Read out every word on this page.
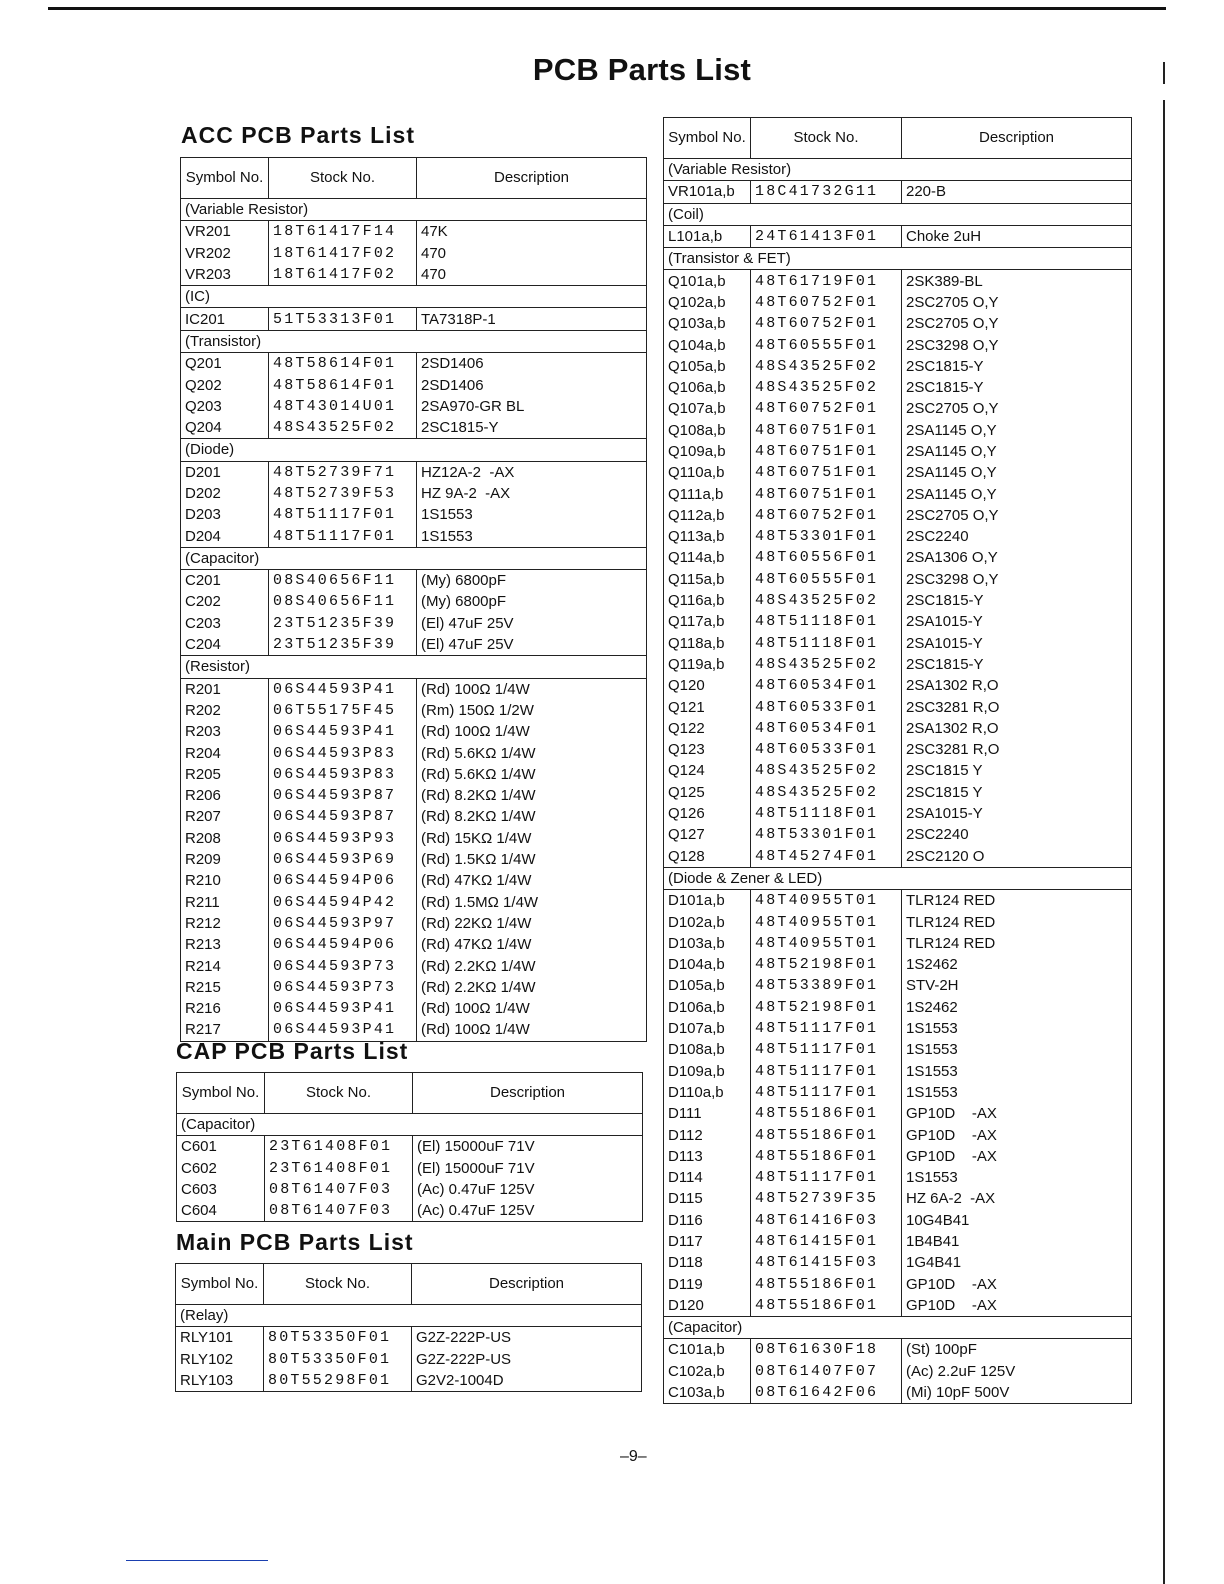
PCB Parts List
ACC PCB Parts List
Symbol No.	Stock No.	Description
(Variable Resistor)		
VR201	18T61417F14	47K
VR202	18T61417F02	470
VR203	18T61417F02	470
(IC)		
IC201	51T53313F01	TA7318P-1
(Transistor)		
Q201	48T58614F01	2SD1406
Q202	48T58614F01	2SD1406
Q203	48T43014U01	2SA970-GR BL
Q204	48S43525F02	2SC1815-Y
(Diode)		
D201	48T52739F71	HZ12A-2  -AX
D202	48T52739F53	HZ 9A-2  -AX
D203	48T51117F01	1S1553
D204	48T51117F01	1S1553
(Capacitor)		
C201	08S40656F11	(My) 6800pF
C202	08S40656F11	(My) 6800pF
C203	23T51235F39	(El) 47uF 25V
C204	23T51235F39	(El) 47uF 25V
(Resistor)		
R201	06S44593P41	(Rd) 100Ω 1/4W
R202	06T55175F45	(Rm) 150Ω 1/2W
R203	06S44593P41	(Rd) 100Ω 1/4W
R204	06S44593P83	(Rd) 5.6KΩ 1/4W
R205	06S44593P83	(Rd) 5.6KΩ 1/4W
R206	06S44593P87	(Rd) 8.2KΩ 1/4W
R207	06S44593P87	(Rd) 8.2KΩ 1/4W
R208	06S44593P93	(Rd) 15KΩ 1/4W
R209	06S44593P69	(Rd) 1.5KΩ 1/4W
R210	06S44594P06	(Rd) 47KΩ 1/4W
R211	06S44594P42	(Rd) 1.5MΩ 1/4W
R212	06S44593P97	(Rd) 22KΩ 1/4W
R213	06S44594P06	(Rd) 47KΩ 1/4W
R214	06S44593P73	(Rd) 2.2KΩ 1/4W
R215	06S44593P73	(Rd) 2.2KΩ 1/4W
R216	06S44593P41	(Rd) 100Ω 1/4W
R217	06S44593P41	(Rd) 100Ω 1/4W
CAP PCB Parts List
Symbol No.	Stock No.	Description
(Capacitor)		
C601	23T61408F01	(El) 15000uF 71V
C602	23T61408F01	(El) 15000uF 71V
C603	08T61407F03	(Ac) 0.47uF 125V
C604	08T61407F03	(Ac) 0.47uF 125V
Main PCB Parts List
Symbol No.	Stock No.	Description
(Relay)		
RLY101	80T53350F01	G2Z-222P-US
RLY102	80T53350F01	G2Z-222P-US
RLY103	80T55298F01	G2V2-1004D
Symbol No.	Stock No.	Description
(Variable Resistor)		
VR101a,b	18C41732G11	220-B
(Coil)		
L101a,b	24T61413F01	Choke 2uH
(Transistor & FET)		
Q101a,b	48T61719F01	2SK389-BL
Q102a,b	48T60752F01	2SC2705 O,Y
Q103a,b	48T60752F01	2SC2705 O,Y
Q104a,b	48T60555F01	2SC3298 O,Y
Q105a,b	48S43525F02	2SC1815-Y
Q106a,b	48S43525F02	2SC1815-Y
Q107a,b	48T60752F01	2SC2705 O,Y
Q108a,b	48T60751F01	2SA1145 O,Y
Q109a,b	48T60751F01	2SA1145 O,Y
Q110a,b	48T60751F01	2SA1145 O,Y
Q111a,b	48T60751F01	2SA1145 O,Y
Q112a,b	48T60752F01	2SC2705 O,Y
Q113a,b	48T53301F01	2SC2240
Q114a,b	48T60556F01	2SA1306 O,Y
Q115a,b	48T60555F01	2SC3298 O,Y
Q116a,b	48S43525F02	2SC1815-Y
Q117a,b	48T51118F01	2SA1015-Y
Q118a,b	48T51118F01	2SA1015-Y
Q119a,b	48S43525F02	2SC1815-Y
Q120	48T60534F01	2SA1302 R,O
Q121	48T60533F01	2SC3281 R,O
Q122	48T60534F01	2SA1302 R,O
Q123	48T60533F01	2SC3281 R,O
Q124	48S43525F02	2SC1815 Y
Q125	48S43525F02	2SC1815 Y
Q126	48T51118F01	2SA1015-Y
Q127	48T53301F01	2SC2240
Q128	48T45274F01	2SC2120 O
(Diode & Zener & LED)		
D101a,b	48T40955T01	TLR124 RED
D102a,b	48T40955T01	TLR124 RED
D103a,b	48T40955T01	TLR124 RED
D104a,b	48T52198F01	1S2462
D105a,b	48T53389F01	STV-2H
D106a,b	48T52198F01	1S2462
D107a,b	48T51117F01	1S1553
D108a,b	48T51117F01	1S1553
D109a,b	48T51117F01	1S1553
D110a,b	48T51117F01	1S1553
D111	48T55186F01	GP10D    -AX
D112	48T55186F01	GP10D    -AX
D113	48T55186F01	GP10D    -AX
D114	48T51117F01	1S1553
D115	48T52739F35	HZ 6A-2  -AX
D116	48T61416F03	10G4B41
D117	48T61415F01	1B4B41
D118	48T61415F03	1G4B41
D119	48T55186F01	GP10D    -AX
D120	48T55186F01	GP10D    -AX
(Capacitor)		
C101a,b	08T61630F18	(St) 100pF
C102a,b	08T61407F07	(Ac) 2.2uF 125V
C103a,b	08T61642F06	(Mi) 10pF 500V
–9–
